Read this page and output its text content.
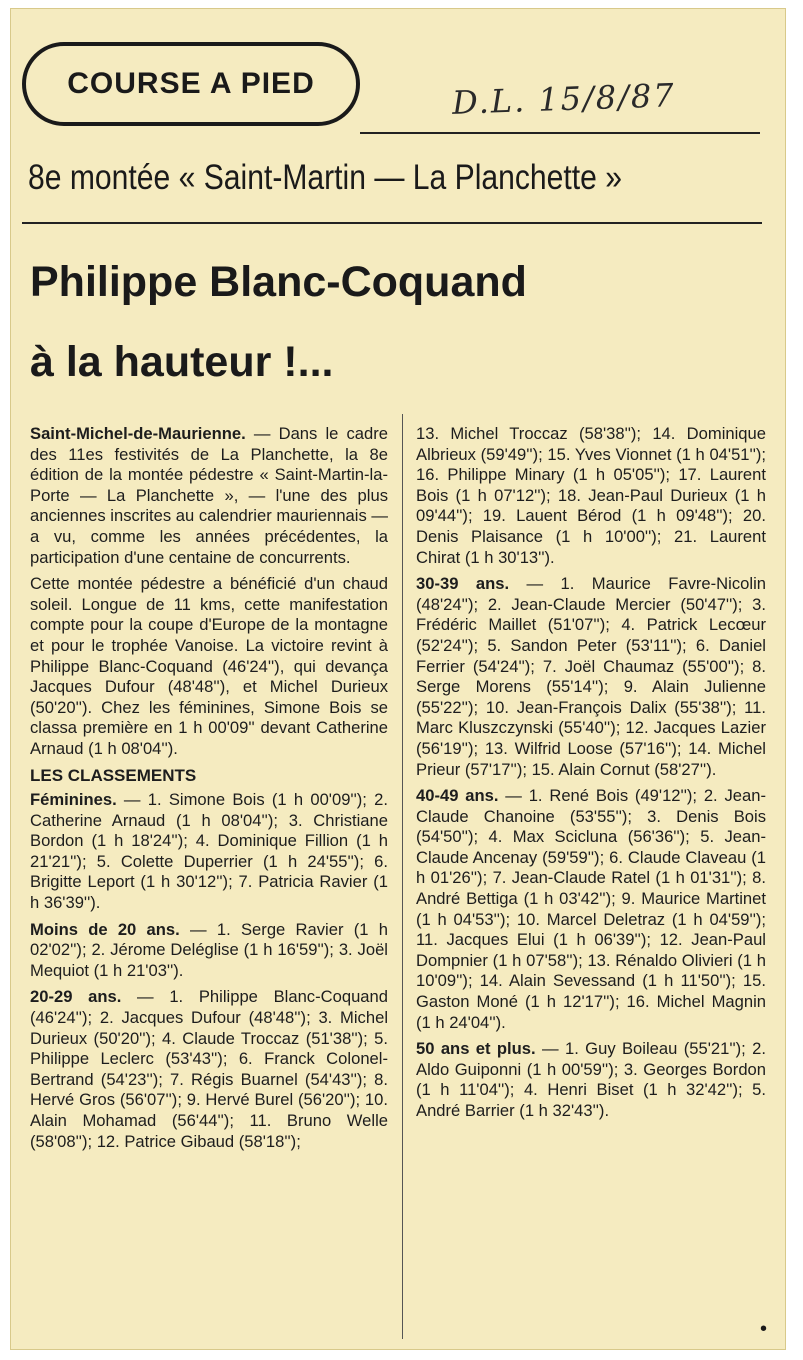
COURSE A PIED	D.L. 15/8/87
8e montée « Saint-Martin — La Planchette »
Philippe Blanc-Coquand
à la hauteur !...

Saint-Michel-de-Maurienne. — Dans le cadre des 11es festivités de La Planchette, la 8e édition de la montée pédestre « Saint-Martin-la-Porte — La Planchette », — l'une des plus anciennes inscrites au calendrier mauriennais — a vu, comme les années précédentes, la participation d'une centaine de concurrents.

Cette montée pédestre a bénéficié d'un chaud soleil. Longue de 11 kms, cette manifestation compte pour la coupe d'Europe de la montagne et pour le trophée Vanoise. La victoire revint à Philippe Blanc-Coquand (46'24''), qui devança Jacques Dufour (48'48''), et Michel Durieux (50'20''). Chez les féminines, Simone Bois se classa première en 1 h 00'09'' devant Catherine Arnaud (1 h 08'04'').

LES CLASSEMENTS

Féminines. — 1. Simone Bois (1 h 00'09''); 2. Catherine Arnaud (1 h 08'04''); 3. Christiane Bordon (1 h 18'24''); 4. Dominique Fillion (1 h 21'21''); 5. Colette Duperrier (1 h 24'55''); 6. Brigitte Leport (1 h 30'12''); 7. Patricia Ravier (1 h 36'39'').

Moins de 20 ans. — 1. Serge Ravier (1 h 02'02''); 2. Jérome Deléglise (1 h 16'59''); 3. Joël Mequiot (1 h 21'03'').

20-29 ans. — 1. Philippe Blanc-Coquand (46'24''); 2. Jacques Dufour (48'48''); 3. Michel Durieux (50'20''); 4. Claude Troccaz (51'38''); 5. Philippe Leclerc (53'43''); 6. Franck Colonel-Bertrand (54'23''); 7. Régis Buarnel (54'43''); 8. Hervé Gros (56'07''); 9. Hervé Burel (56'20''); 10. Alain Mohamad (56'44''); 11. Bruno Welle (58'08''); 12. Patrice Gibaud (58'18'');

13. Michel Troccaz (58'38''); 14. Dominique Albrieux (59'49''); 15. Yves Vionnet (1 h 04'51''); 16. Philippe Minary (1 h 05'05''); 17. Laurent Bois (1 h 07'12''); 18. Jean-Paul Durieux (1 h 09'44''); 19. Lauent Bérod (1 h 09'48''); 20. Denis Plaisance (1 h 10'00''); 21. Laurent Chirat (1 h 30'13'').

30-39 ans. — 1. Maurice Favre-Nicolin (48'24''); 2. Jean-Claude Mercier (50'47''); 3. Frédéric Maillet (51'07''); 4. Patrick Lecœur (52'24''); 5. Sandon Peter (53'11''); 6. Daniel Ferrier (54'24''); 7. Joël Chaumaz (55'00''); 8. Serge Morens (55'14''); 9. Alain Julienne (55'22''); 10. Jean-François Dalix (55'38''); 11. Marc Kluszczynski (55'40''); 12. Jacques Lazier (56'19''); 13. Wilfrid Loose (57'16''); 14. Michel Prieur (57'17''); 15. Alain Cornut (58'27'').

40-49 ans. — 1. René Bois (49'12''); 2. Jean-Claude Chanoine (53'55''); 3. Denis Bois (54'50''); 4. Max Scicluna (56'36''); 5. Jean-Claude Ancenay (59'59''); 6. Claude Claveau (1 h 01'26''); 7. Jean-Claude Ratel (1 h 01'31''); 8. André Bettiga (1 h 03'42''); 9. Maurice Martinet (1 h 04'53''); 10. Marcel Deletraz (1 h 04'59''); 11. Jacques Elui (1 h 06'39''); 12. Jean-Paul Dompnier (1 h 07'58''); 13. Rénaldo Olivieri (1 h 10'09''); 14. Alain Sevessand (1 h 11'50''); 15. Gaston Moné (1 h 12'17''); 16. Michel Magnin (1 h 24'04'').

50 ans et plus. — 1. Guy Boileau (55'21''); 2. Aldo Guiponni (1 h 00'59''); 3. Georges Bordon (1 h 11'04''); 4. Henri Biset (1 h 32'42''); 5. André Barrier (1 h 32'43'').

•
